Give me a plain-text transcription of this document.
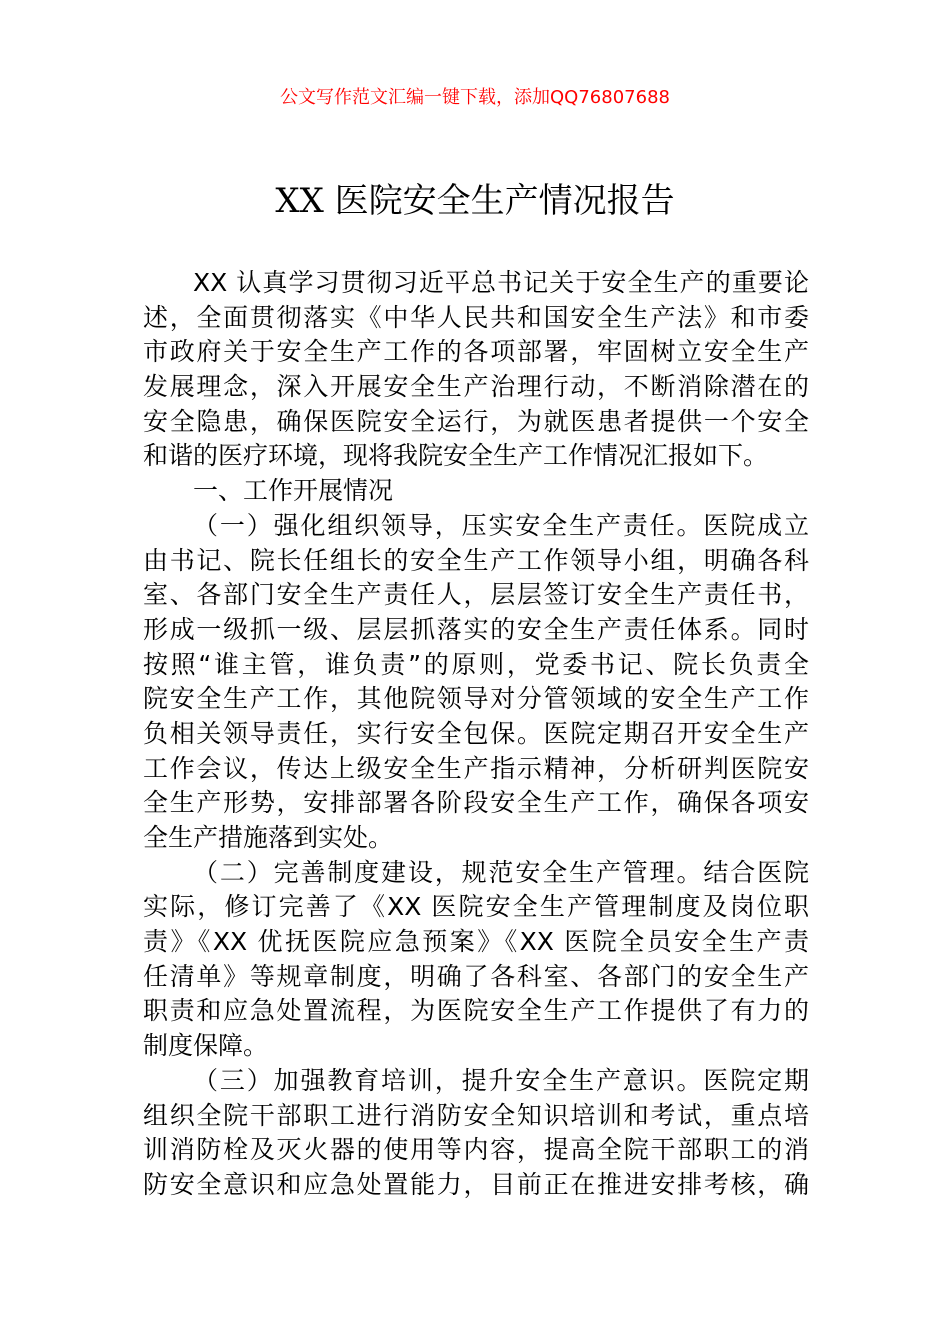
公文写作范文汇编一键下载，添加QQ76807688
XX 医院安全生产情况报告
XX 认真学习贯彻习近平总书记关于安全生产的重要论
述，全面贯彻落实《中华人民共和国安全生产法》和市委
市政府关于安全生产工作的各项部署，牢固树立安全生产
发展理念，深入开展安全生产治理行动，不断消除潜在的
安全隐患，确保医院安全运行，为就医患者提供一个安全
和谐的医疗环境，现将我院安全生产工作情况汇报如下。
一、工作开展情况
（一）强化组织领导，压实安全生产责任。医院成立
由书记、院长任组长的安全生产工作领导小组，明确各科
室、各部门安全生产责任人，层层签订安全生产责任书，
形成一级抓一级、层层抓落实的安全生产责任体系。同时
按照“谁主管，谁负责”的原则，党委书记、院长负责全
院安全生产工作，其他院领导对分管领域的安全生产工作
负相关领导责任，实行安全包保。医院定期召开安全生产
工作会议，传达上级安全生产指示精神，分析研判医院安
全生产形势，安排部署各阶段安全生产工作，确保各项安
全生产措施落到实处。
（二）完善制度建设，规范安全生产管理。结合医院
实际，修订完善了《XX 医院安全生产管理制度及岗位职
责》《XX 优抚医院应急预案》《XX 医院全员安全生产责
任清单》等规章制度，明确了各科室、各部门的安全生产
职责和应急处置流程，为医院安全生产工作提供了有力的
制度保障。
（三）加强教育培训，提升安全生产意识。医院定期
组织全院干部职工进行消防安全知识培训和考试，重点培
训消防栓及灭火器的使用等内容，提高全院干部职工的消
防安全意识和应急处置能力，目前正在推进安排考核，确
